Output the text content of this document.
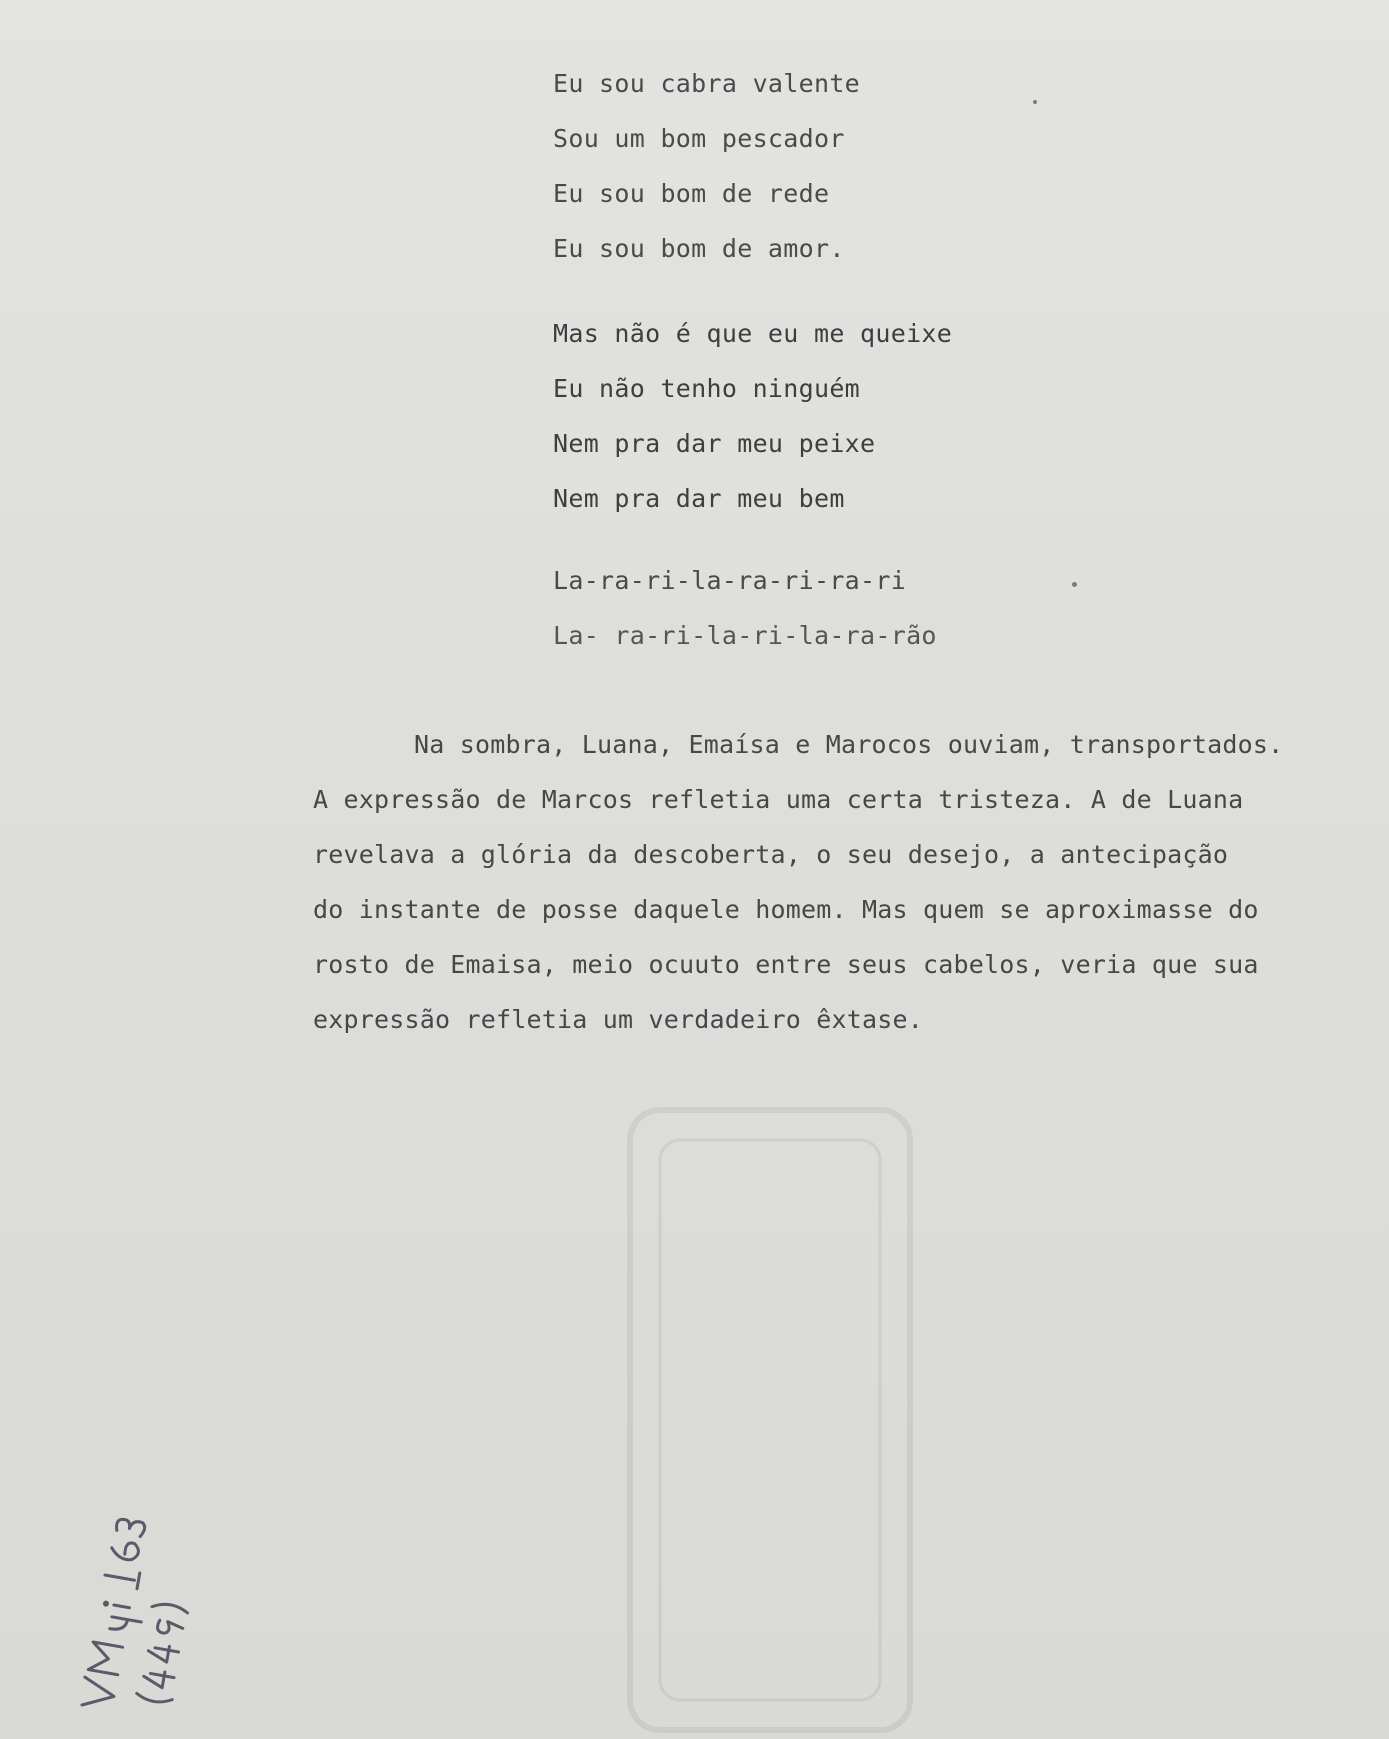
Eu sou cabra valente
Sou um bom pescador
Eu sou bom de rede
Eu sou bom de amor.
Mas não é que eu me queixe
Eu não tenho ninguém
Nem pra dar meu peixe
Nem pra dar meu bem
La-ra-ri-la-ra-ri-ra-ri
La- ra-ri-la-ri-la-ra-rão
Na sombra, Luana, Emaísa e Marocos ouviam, transportados.
A expressão de Marcos refletia uma certa tristeza. A de Luana
revelava a glória da descoberta, o seu desejo, a antecipação
do instante de posse daquele homem. Mas quem se aproximasse do
rosto de Emaisa, meio ocuuto entre seus cabelos, veria que sua
expressão refletia um verdadeiro êxtase.
